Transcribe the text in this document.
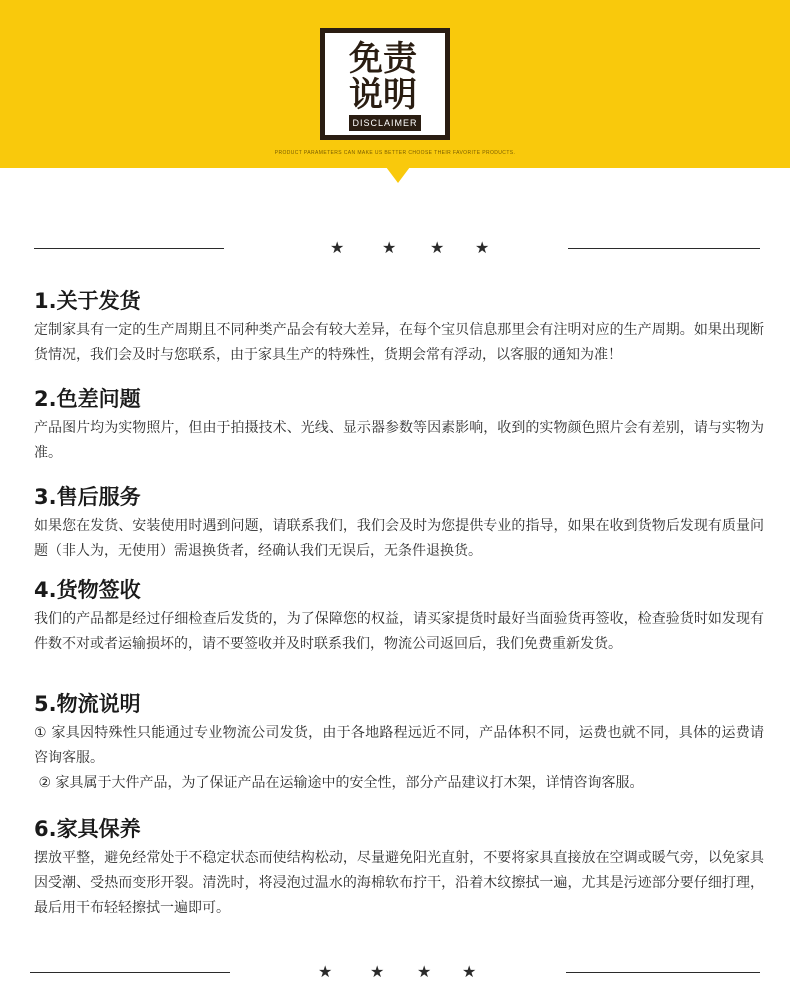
免责
说明
DISCLAIMER
PRODUCT PARAMETERS CAN MAKE US BETTER CHOOSE THEIR FAVORITE PRODUCTS.
★ ★ ★ ★
1.关于发货

定制家具有一定的生产周期且不同种类产品会有较大差异，在每个宝贝信息那里会有注明对应的生产周期。如果出现断货情况，我们会及时与您联系，由于家具生产的特殊性，货期会常有浮动，以客服的通知为准！

2.色差问题

产品图片均为实物照片，但由于拍摄技术、光线、显示器参数等因素影响，收到的实物颜色照片会有差别，请与实物为准。

3.售后服务

如果您在发货、安装使用时遇到问题，请联系我们，我们会及时为您提供专业的指导，如果在收到货物后发现有质量问题（非人为，无使用）需退换货者，经确认我们无误后，无条件退换货。

4.货物签收

我们的产品都是经过仔细检查后发货的，为了保障您的权益，请买家提货时最好当面验货再签收，检查验货时如发现有件数不对或者运输损坏的，请不要签收并及时联系我们，物流公司返回后，我们免费重新发货。

5.物流说明

① 家具因特殊性只能通过专业物流公司发货，由于各地路程远近不同，产品体积不同，运费也就不同，具体的运费请咨询客服。

② 家具属于大件产品，为了保证产品在运输途中的安全性，部分产品建议打木架，详情咨询客服。

6.家具保养

摆放平整，避免经常处于不稳定状态而使结构松动，尽量避免阳光直射，不要将家具直接放在空调或暖气旁，以免家具因受潮、受热而变形开裂。清洗时，将浸泡过温水的海棉软布拧干，沿着木纹擦拭一遍，尤其是污迹部分要仔细打理，最后用干布轻轻擦拭一遍即可。

★ ★ ★ ★
